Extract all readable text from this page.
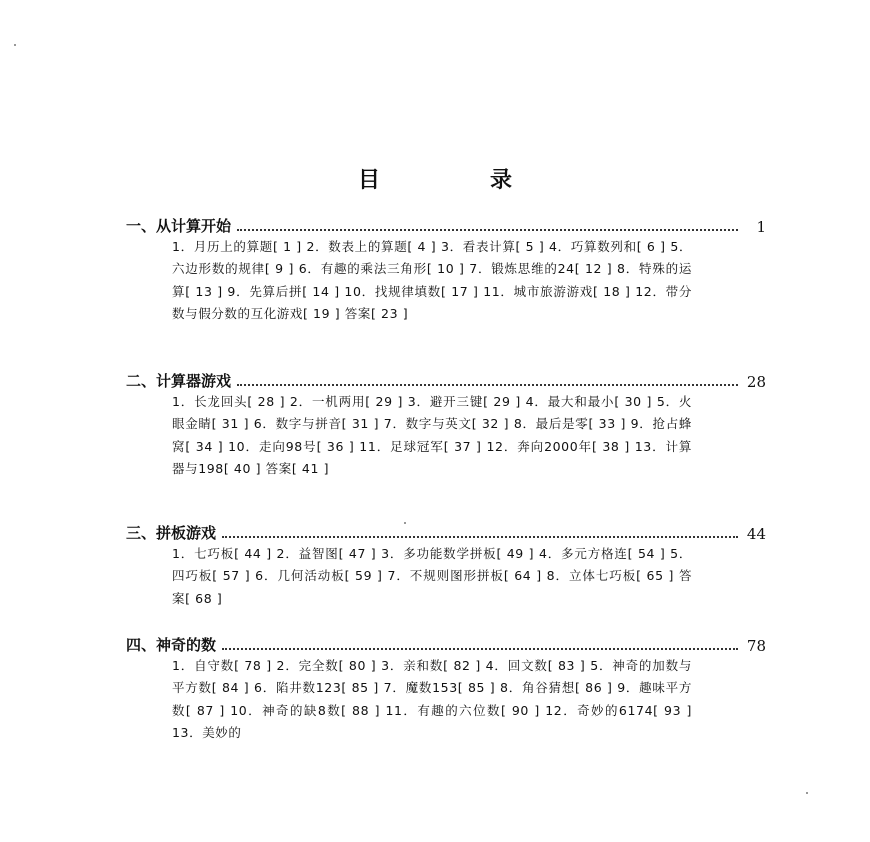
目　录
一、从计算开始	1
1．月历上的算题[ 1 ] 2．数表上的算题[ 4 ] 3．看表计算[ 5 ] 4．巧算数列和[ 6 ] 5．六边形数的规律[ 9 ] 6．有趣的乘法三角形[ 10 ] 7．锻炼思维的24[ 12 ] 8．特殊的运算[ 13 ] 9．先算后拼[ 14 ] 10．找规律填数[ 17 ] 11．城市旅游游戏[ 18 ] 12．带分数与假分数的互化游戏[ 19 ] 答案[ 23 ]
二、计算器游戏	28
1．长龙回头[ 28 ] 2．一机两用[ 29 ] 3．避开三键[ 29 ] 4．最大和最小[ 30 ] 5．火眼金睛[ 31 ] 6．数字与拼音[ 31 ] 7．数字与英文[ 32 ] 8．最后是零[ 33 ] 9．抢占蜂窝[ 34 ] 10．走向98号[ 36 ] 11．足球冠军[ 37 ] 12．奔向2000年[ 38 ] 13．计算器与198[ 40 ] 答案[ 41 ]
三、拼板游戏	44
1．七巧板[ 44 ] 2．益智图[ 47 ] 3．多功能数学拼板[ 49 ] 4．多元方格连[ 54 ] 5．四巧板[ 57 ] 6．几何活动板[ 59 ] 7．不规则图形拼板[ 64 ] 8．立体七巧板[ 65 ] 答案[ 68 ]
四、神奇的数	78
1．自守数[ 78 ] 2．完全数[ 80 ] 3．亲和数[ 82 ] 4．回文数[ 83 ] 5．神奇的加数与平方数[ 84 ] 6．陷井数123[ 85 ] 7．魔数153[ 85 ] 8．角谷猜想[ 86 ] 9．趣味平方数[ 87 ] 10．神奇的缺8数[ 88 ] 11．有趣的六位数[ 90 ] 12．奇妙的6174[ 93 ]13．美妙的
